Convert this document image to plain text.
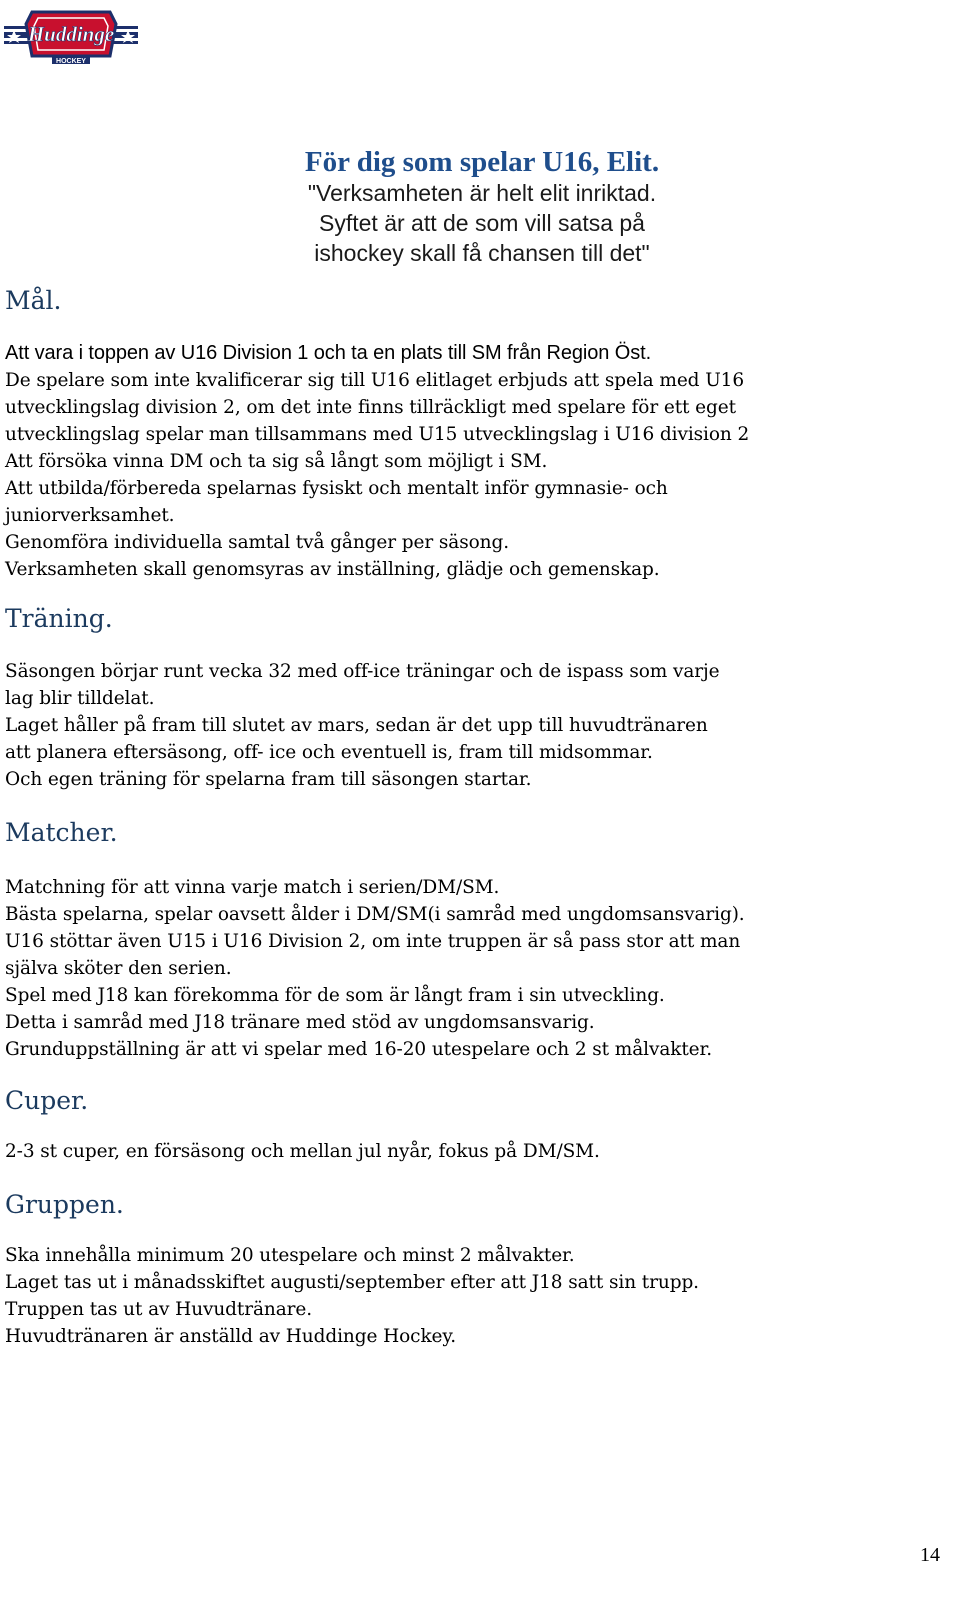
Huddinge
HOCKEY
För dig som spelar U16, Elit.

"Verksamheten är helt elit inriktad.

Syftet är att de som vill satsa på

ishockey skall få chansen till det"

Mål.
Att vara i toppen av U16 Division 1 och ta en plats till SM från Region Öst.
De spelare som inte kvalificerar sig till U16 elitlaget erbjuds att spela med U16
utvecklingslag division 2, om det inte finns tillräckligt med spelare för ett eget
utvecklingslag spelar man tillsammans med U15 utvecklingslag i U16 division 2
Att försöka vinna DM och ta sig så långt som möjligt i SM.
Att utbilda/förbereda spelarnas fysiskt och mentalt inför gymnasie- och
juniorverksamhet.
Genomföra individuella samtal två gånger per säsong.
Verksamheten skall genomsyras av inställning, glädje och gemenskap.
Träning.
Säsongen börjar runt vecka 32 med off-ice träningar och de ispass som varje
lag blir tilldelat.
Laget håller på fram till slutet av mars, sedan är det upp till huvudtränaren
att planera eftersäsong, off- ice och eventuell is, fram till midsommar.
Och egen träning för spelarna fram till säsongen startar.
Matcher.
Matchning för att vinna varje match i serien/DM/SM.
Bästa spelarna, spelar oavsett ålder i DM/SM(i samråd med ungdomsansvarig).
U16 stöttar även U15 i U16 Division 2, om inte truppen är så pass stor att man
själva sköter den serien.
Spel med J18 kan förekomma för de som är långt fram i sin utveckling.
Detta i samråd med J18 tränare med stöd av ungdomsansvarig.
Grunduppställning är att vi spelar med 16-20 utespelare och 2 st målvakter.
Cuper.
2-3 st cuper, en försäsong och mellan jul nyår, fokus på DM/SM.
Gruppen.
Ska innehålla minimum 20 utespelare och minst 2 målvakter.
Laget tas ut i månadsskiftet augusti/september efter att J18 satt sin trupp.
Truppen tas ut av Huvudtränare.
Huvudtränaren är anställd av Huddinge Hockey.
14
